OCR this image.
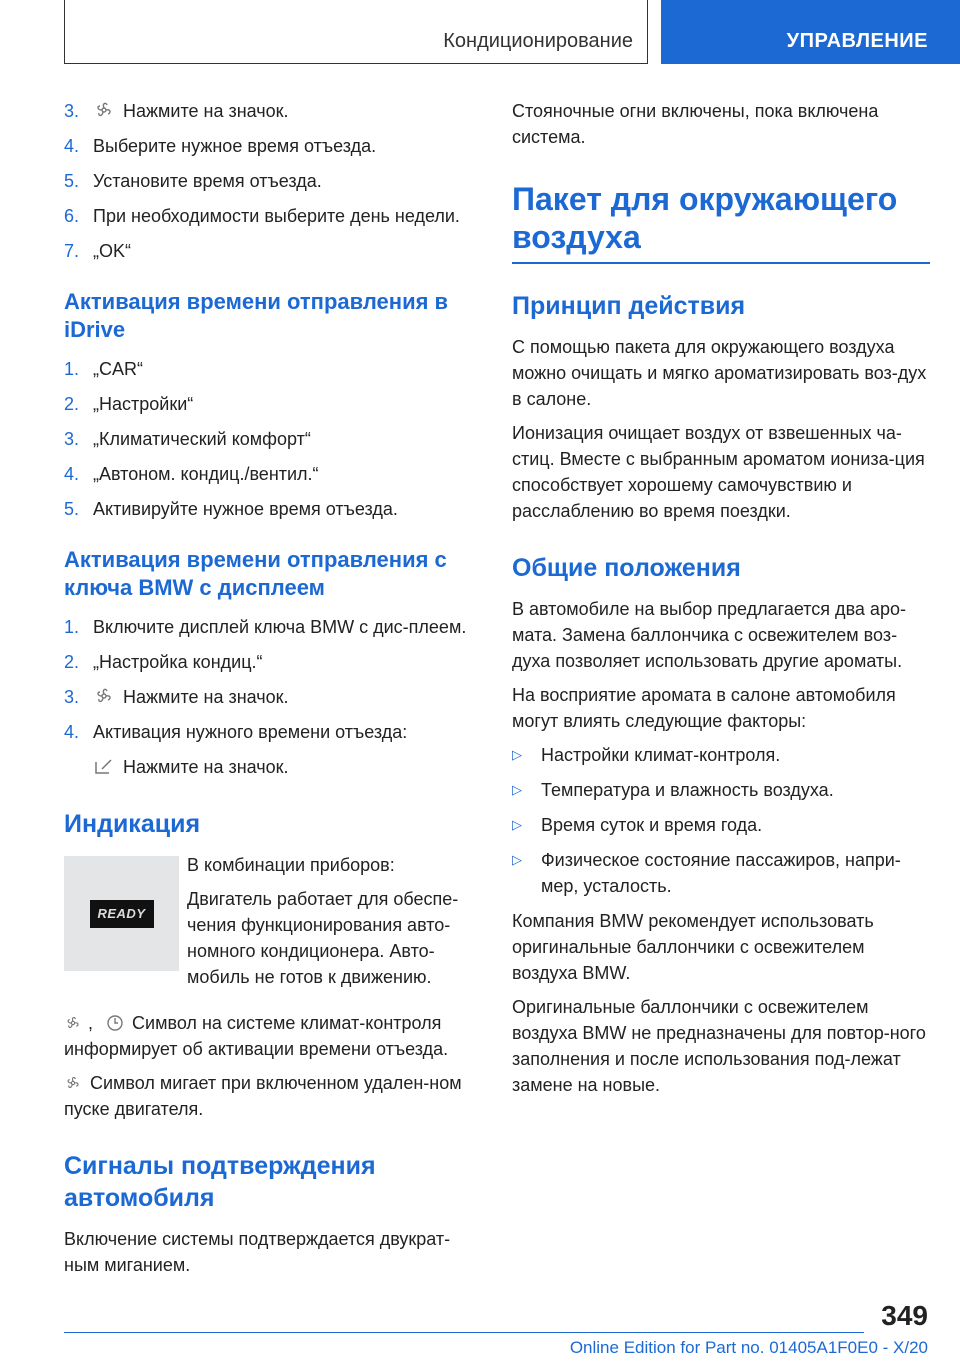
Кондиционирование	УПРАВЛЕНИЕ
3.	Нажмите на значок.
4. Выберите нужное время отъезда.
5. Установите время отъезда.
6. При необходимости выберите день недели.
7. „OK“
Активация времени отправления в iDrive
1. „CAR“
2. „Настройки“
3. „Климатический комфорт“
4. „Автоном. кондиц./вентил.“
5. Активируйте нужное время отъезда.
Активация времени отправления с ключа BMW с дисплеем
1. Включите дисплей ключа BMW с дис‐плеем.
2. „Настройка кондиц.“
3.	Нажмите на значок.
4. Активация нужного времени отъезда:
Нажмите на значок.
Индикация
READY

В комбинации приборов:

Двигатель работает для обеспе‐чения функционирования авто‐номного кондиционера. Авто‐мобиль не готов к движению.

, Символ на системе климат-контроля информирует об активации времени отъезда.

Символ мигает при включенном удален‐ном пуске двигателя.

Сигналы подтверждения автомобиля

Включение системы подтверждается двукрат‐ным миганием.

Стояночные огни включены, пока включена система.

Пакет для окружающего воздуха
Принцип действия

С помощью пакета для окружающего воздуха можно очищать и мягко ароматизировать воз‐дух в салоне.

Ионизация очищает воздух от взвешенных ча‐стиц. Вместе с выбранным ароматом иониза‐ция способствует хорошему самочувствию и расслаблению во время поездки.

Общие положения

В автомобиле на выбор предлагается два аро‐мата. Замена баллончика с освежителем воз‐духа позволяет использовать другие ароматы.

На восприятие аромата в салоне автомобиля могут влиять следующие факторы:

▷	Настройки климат-контроля.
▷	Температура и влажность воздуха.
▷	Время суток и время года.
▷	Физическое состояние пассажиров, напри‐мер, усталость.

Компания BMW рекомендует использовать оригинальные баллончики с освежителем воздуха BMW.

Оригинальные баллончики с освежителем воздуха BMW не предназначены для повтор‐ного заполнения и после использования под‐лежат замене на новые.

349
Online Edition for Part no. 01405A1F0E0 - X/20
